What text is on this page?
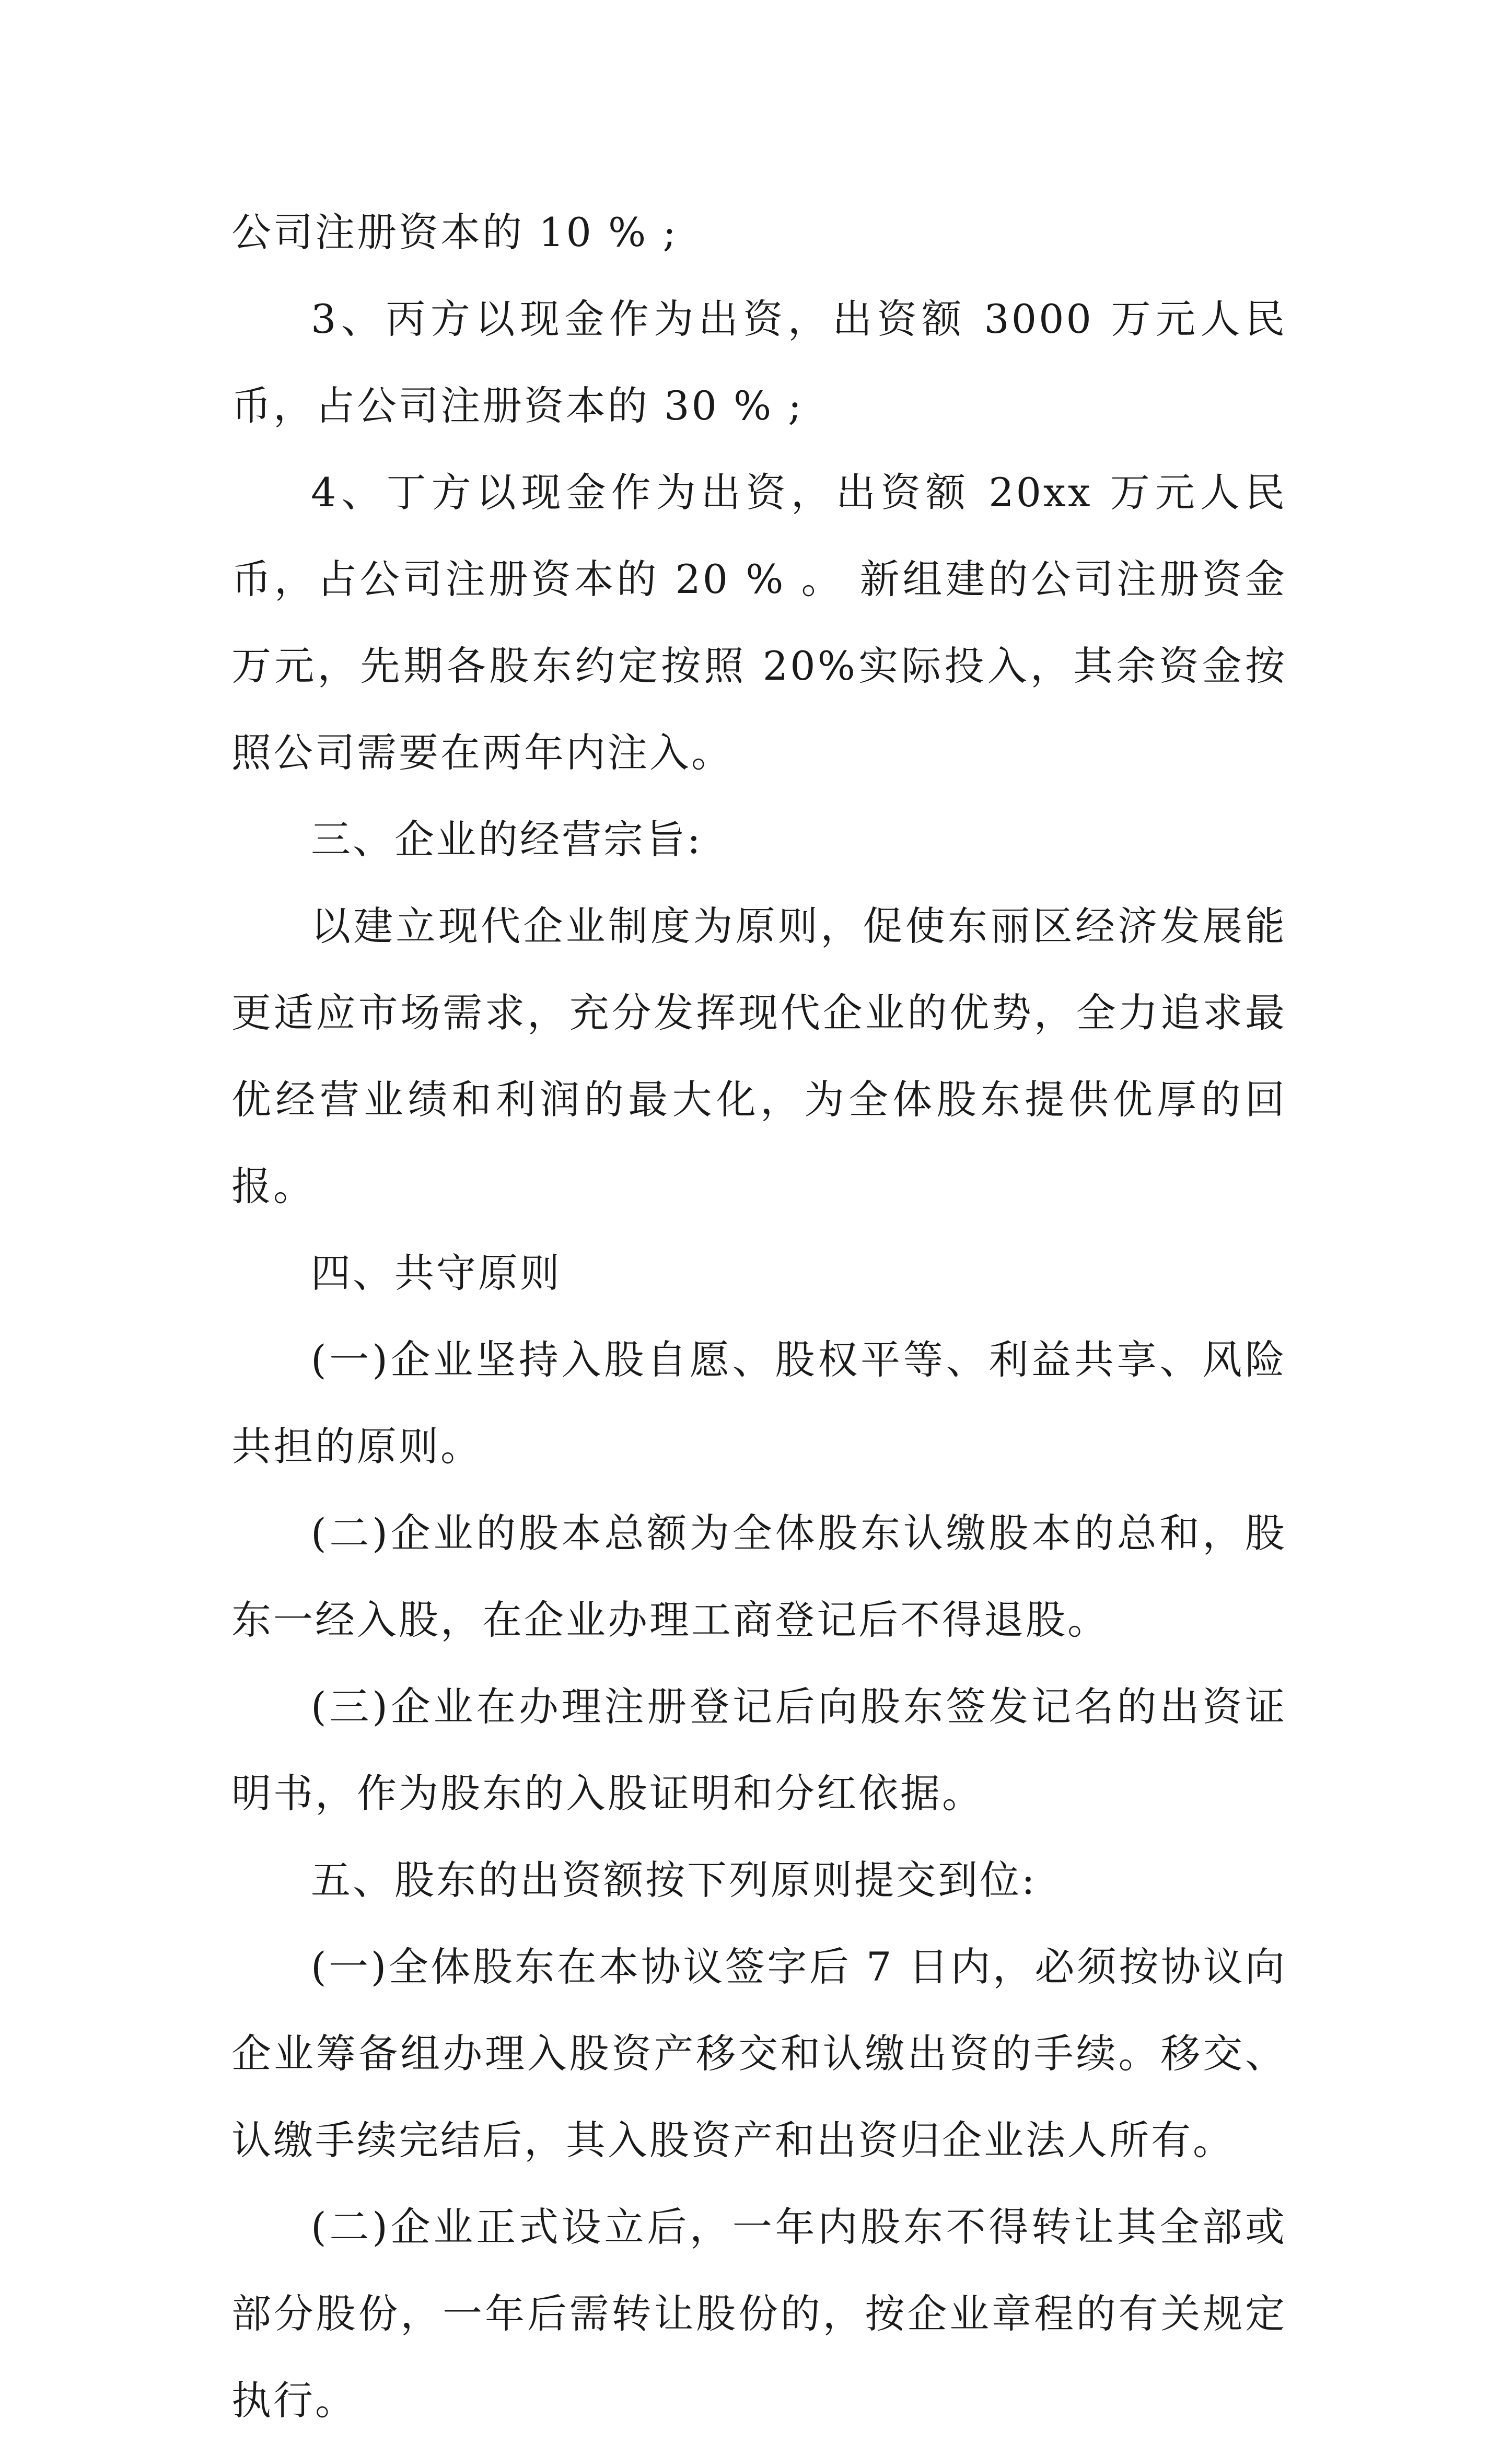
公司注册资本的 10 % ;

3、丙方以现金作为出资，出资额 3000 万元人民币，占公司注册资本的 30 % ;

4、丁方以现金作为出资，出资额 20xx 万元人民币，占公司注册资本的 20 % 。 新组建的公司注册资金 万元，先期各股东约定按照 20%实际投入，其余资金按照公司需要在两年内注入。

三、企业的经营宗旨:

以建立现代企业制度为原则，促使东丽区经济发展能更适应市场需求，充分发挥现代企业的优势，全力追求最优经营业绩和利润的最大化，为全体股东提供优厚的回报。

四、共守原则

(一)企业坚持入股自愿、股权平等、利益共享、风险共担的原则。

(二)企业的股本总额为全体股东认缴股本的总和，股东一经入股，在企业办理工商登记后不得退股。

(三)企业在办理注册登记后向股东签发记名的出资证明书，作为股东的入股证明和分红依据。

五、股东的出资额按下列原则提交到位:

(一)全体股东在本协议签字后 7 日内，必须按协议向企业筹备组办理入股资产移交和认缴出资的手续。移交、认缴手续完结后，其入股资产和出资归企业法人所有。

(二)企业正式设立后，一年内股东不得转让其全部或部分股份，一年后需转让股份的，按企业章程的有关规定执行。
